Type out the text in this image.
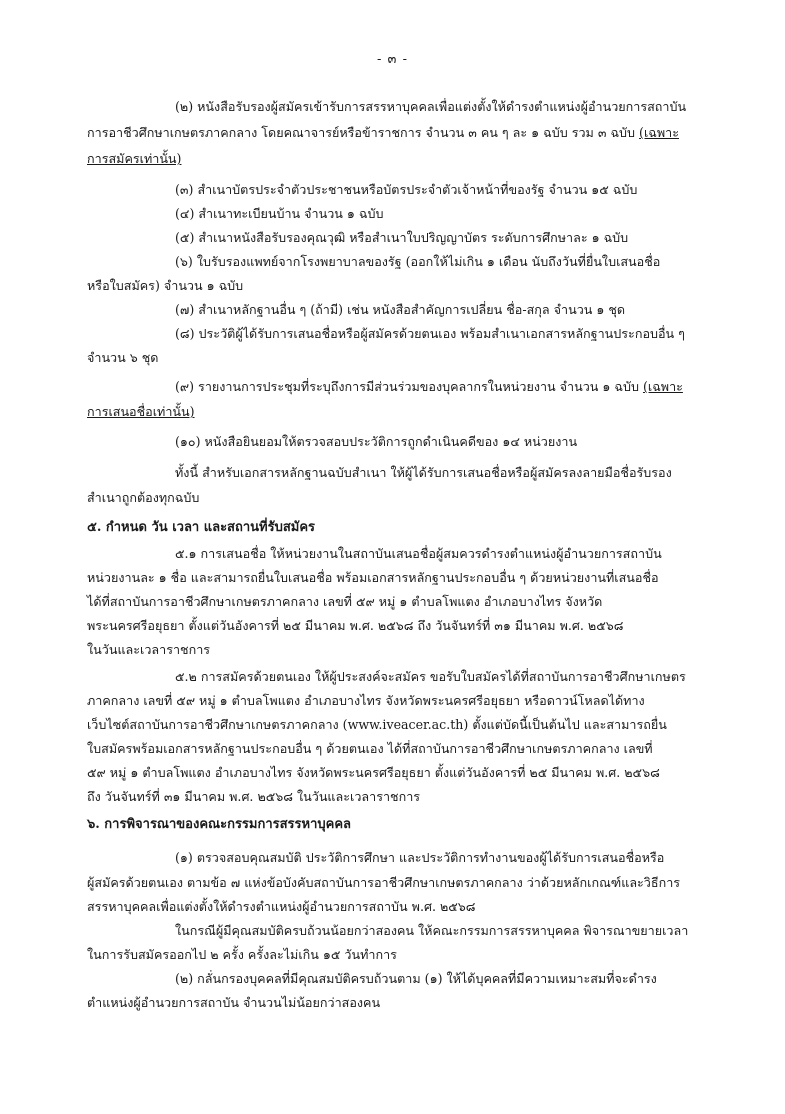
- ๓ -
(๒) หนังสือรับรองผู้สมัครเข้ารับการสรรหาบุคคลเพื่อแต่งตั้งให้ดำรงตำแหน่งผู้อำนวยการสถาบัน
การอาชีวศึกษาเกษตรภาคกลาง โดยคณาจารย์หรือข้าราชการ จำนวน ๓ คน ๆ ละ ๑ ฉบับ รวม ๓ ฉบับ (เฉพาะ
การสมัครเท่านั้น)
(๓) สำเนาบัตรประจำตัวประชาชนหรือบัตรประจำตัวเจ้าหน้าที่ของรัฐ จำนวน ๑๕ ฉบับ
(๔) สำเนาทะเบียนบ้าน จำนวน ๑ ฉบับ
(๕) สำเนาหนังสือรับรองคุณวุฒิ หรือสำเนาใบปริญญาบัตร ระดับการศึกษาละ ๑ ฉบับ
(๖) ใบรับรองแพทย์จากโรงพยาบาลของรัฐ (ออกให้ไม่เกิน ๑ เดือน นับถึงวันที่ยื่นใบเสนอชื่อ
หรือใบสมัคร) จำนวน ๑ ฉบับ
(๗) สำเนาหลักฐานอื่น ๆ (ถ้ามี) เช่น หนังสือสำคัญการเปลี่ยน ชื่อ-สกุล จำนวน ๑ ชุด
(๘) ประวัติผู้ได้รับการเสนอชื่อหรือผู้สมัครด้วยตนเอง พร้อมสำเนาเอกสารหลักฐานประกอบอื่น ๆ
จำนวน ๖ ชุด
(๙) รายงานการประชุมที่ระบุถึงการมีส่วนร่วมของบุคลากรในหน่วยงาน จำนวน ๑ ฉบับ (เฉพาะ
การเสนอชื่อเท่านั้น)
(๑๐) หนังสือยินยอมให้ตรวจสอบประวัติการถูกดำเนินคดีของ ๑๔ หน่วยงาน
ทั้งนี้ สำหรับเอกสารหลักฐานฉบับสำเนา ให้ผู้ได้รับการเสนอชื่อหรือผู้สมัครลงลายมือชื่อรับรอง
สำเนาถูกต้องทุกฉบับ
๕. กำหนด วัน เวลา และสถานที่รับสมัคร
๕.๑ การเสนอชื่อ ให้หน่วยงานในสถาบันเสนอชื่อผู้สมควรดำรงตำแหน่งผู้อำนวยการสถาบัน
หน่วยงานละ ๑ ชื่อ และสามารถยื่นใบเสนอชื่อ พร้อมเอกสารหลักฐานประกอบอื่น ๆ ด้วยหน่วยงานที่เสนอชื่อ
ได้ที่สถาบันการอาชีวศึกษาเกษตรภาคกลาง เลขที่ ๕๙ หมู่ ๑ ตำบลโพแตง อำเภอบางไทร จังหวัด
พระนครศรีอยุธยา ตั้งแต่วันอังคารที่ ๒๕ มีนาคม พ.ศ. ๒๕๖๘ ถึง วันจันทร์ที่ ๓๑ มีนาคม พ.ศ. ๒๕๖๘
ในวันและเวลาราชการ
๕.๒ การสมัครด้วยตนเอง ให้ผู้ประสงค์จะสมัคร ขอรับใบสมัครได้ที่สถาบันการอาชีวศึกษาเกษตร
ภาคกลาง เลขที่ ๕๙ หมู่ ๑ ตำบลโพแตง อำเภอบางไทร จังหวัดพระนครศรีอยุธยา หรือดาวน์โหลดได้ทาง
เว็บไซต์สถาบันการอาชีวศึกษาเกษตรภาคกลาง (www.iveacer.ac.th) ตั้งแต่บัดนี้เป็นต้นไป และสามารถยื่น
ใบสมัครพร้อมเอกสารหลักฐานประกอบอื่น ๆ ด้วยตนเอง ได้ที่สถาบันการอาชีวศึกษาเกษตรภาคกลาง เลขที่
๕๙ หมู่ ๑ ตำบลโพแตง อำเภอบางไทร จังหวัดพระนครศรีอยุธยา ตั้งแต่วันอังคารที่ ๒๕ มีนาคม พ.ศ. ๒๕๖๘
ถึง วันจันทร์ที่ ๓๑ มีนาคม พ.ศ. ๒๕๖๘ ในวันและเวลาราชการ
๖. การพิจารณาของคณะกรรมการสรรหาบุคคล
(๑) ตรวจสอบคุณสมบัติ ประวัติการศึกษา และประวัติการทำงานของผู้ได้รับการเสนอชื่อหรือ
ผู้สมัครด้วยตนเอง ตามข้อ ๗ แห่งข้อบังคับสถาบันการอาชีวศึกษาเกษตรภาคกลาง ว่าด้วยหลักเกณฑ์และวิธีการ
สรรหาบุคคลเพื่อแต่งตั้งให้ดำรงตำแหน่งผู้อำนวยการสถาบัน พ.ศ. ๒๕๖๘
ในกรณีผู้มีคุณสมบัติครบถ้วนน้อยกว่าสองคน ให้คณะกรรมการสรรหาบุคคล พิจารณาขยายเวลา
ในการรับสมัครออกไป ๒ ครั้ง ครั้งละไม่เกิน ๑๕ วันทำการ
(๒) กลั่นกรองบุคคลที่มีคุณสมบัติครบถ้วนตาม (๑) ให้ได้บุคคลที่มีความเหมาะสมที่จะดำรง
ตำแหน่งผู้อำนวยการสถาบัน จำนวนไม่น้อยกว่าสองคน
